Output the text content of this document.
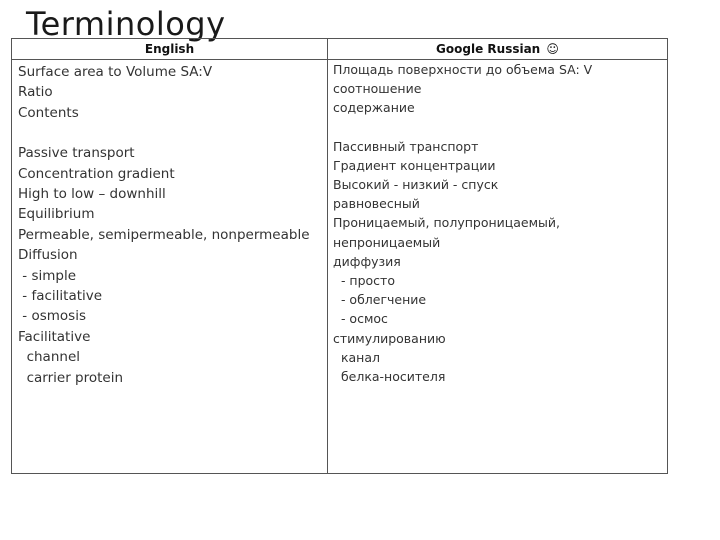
Terminology
English	Google Russian ☺
Surface area to Volume SA:V
Ratio
Contents
Passive transport
Concentration gradient
High to low – downhill
Equilibrium
Permeable, semipermeable, nonpermeable
Diffusion
- simple
- facilitative
- osmosis
Facilitative
channel
carrier protein
Площадь поверхности до объема SA: V
соотношение
содержание
Пассивный транспорт
Градиент концентрации
Высокий - низкий - спуск
равновесный
Проницаемый, полупроницаемый,
непроницаемый
диффузия
- просто
- облегчение
- осмос
стимулированию
канал
белка-носителя
